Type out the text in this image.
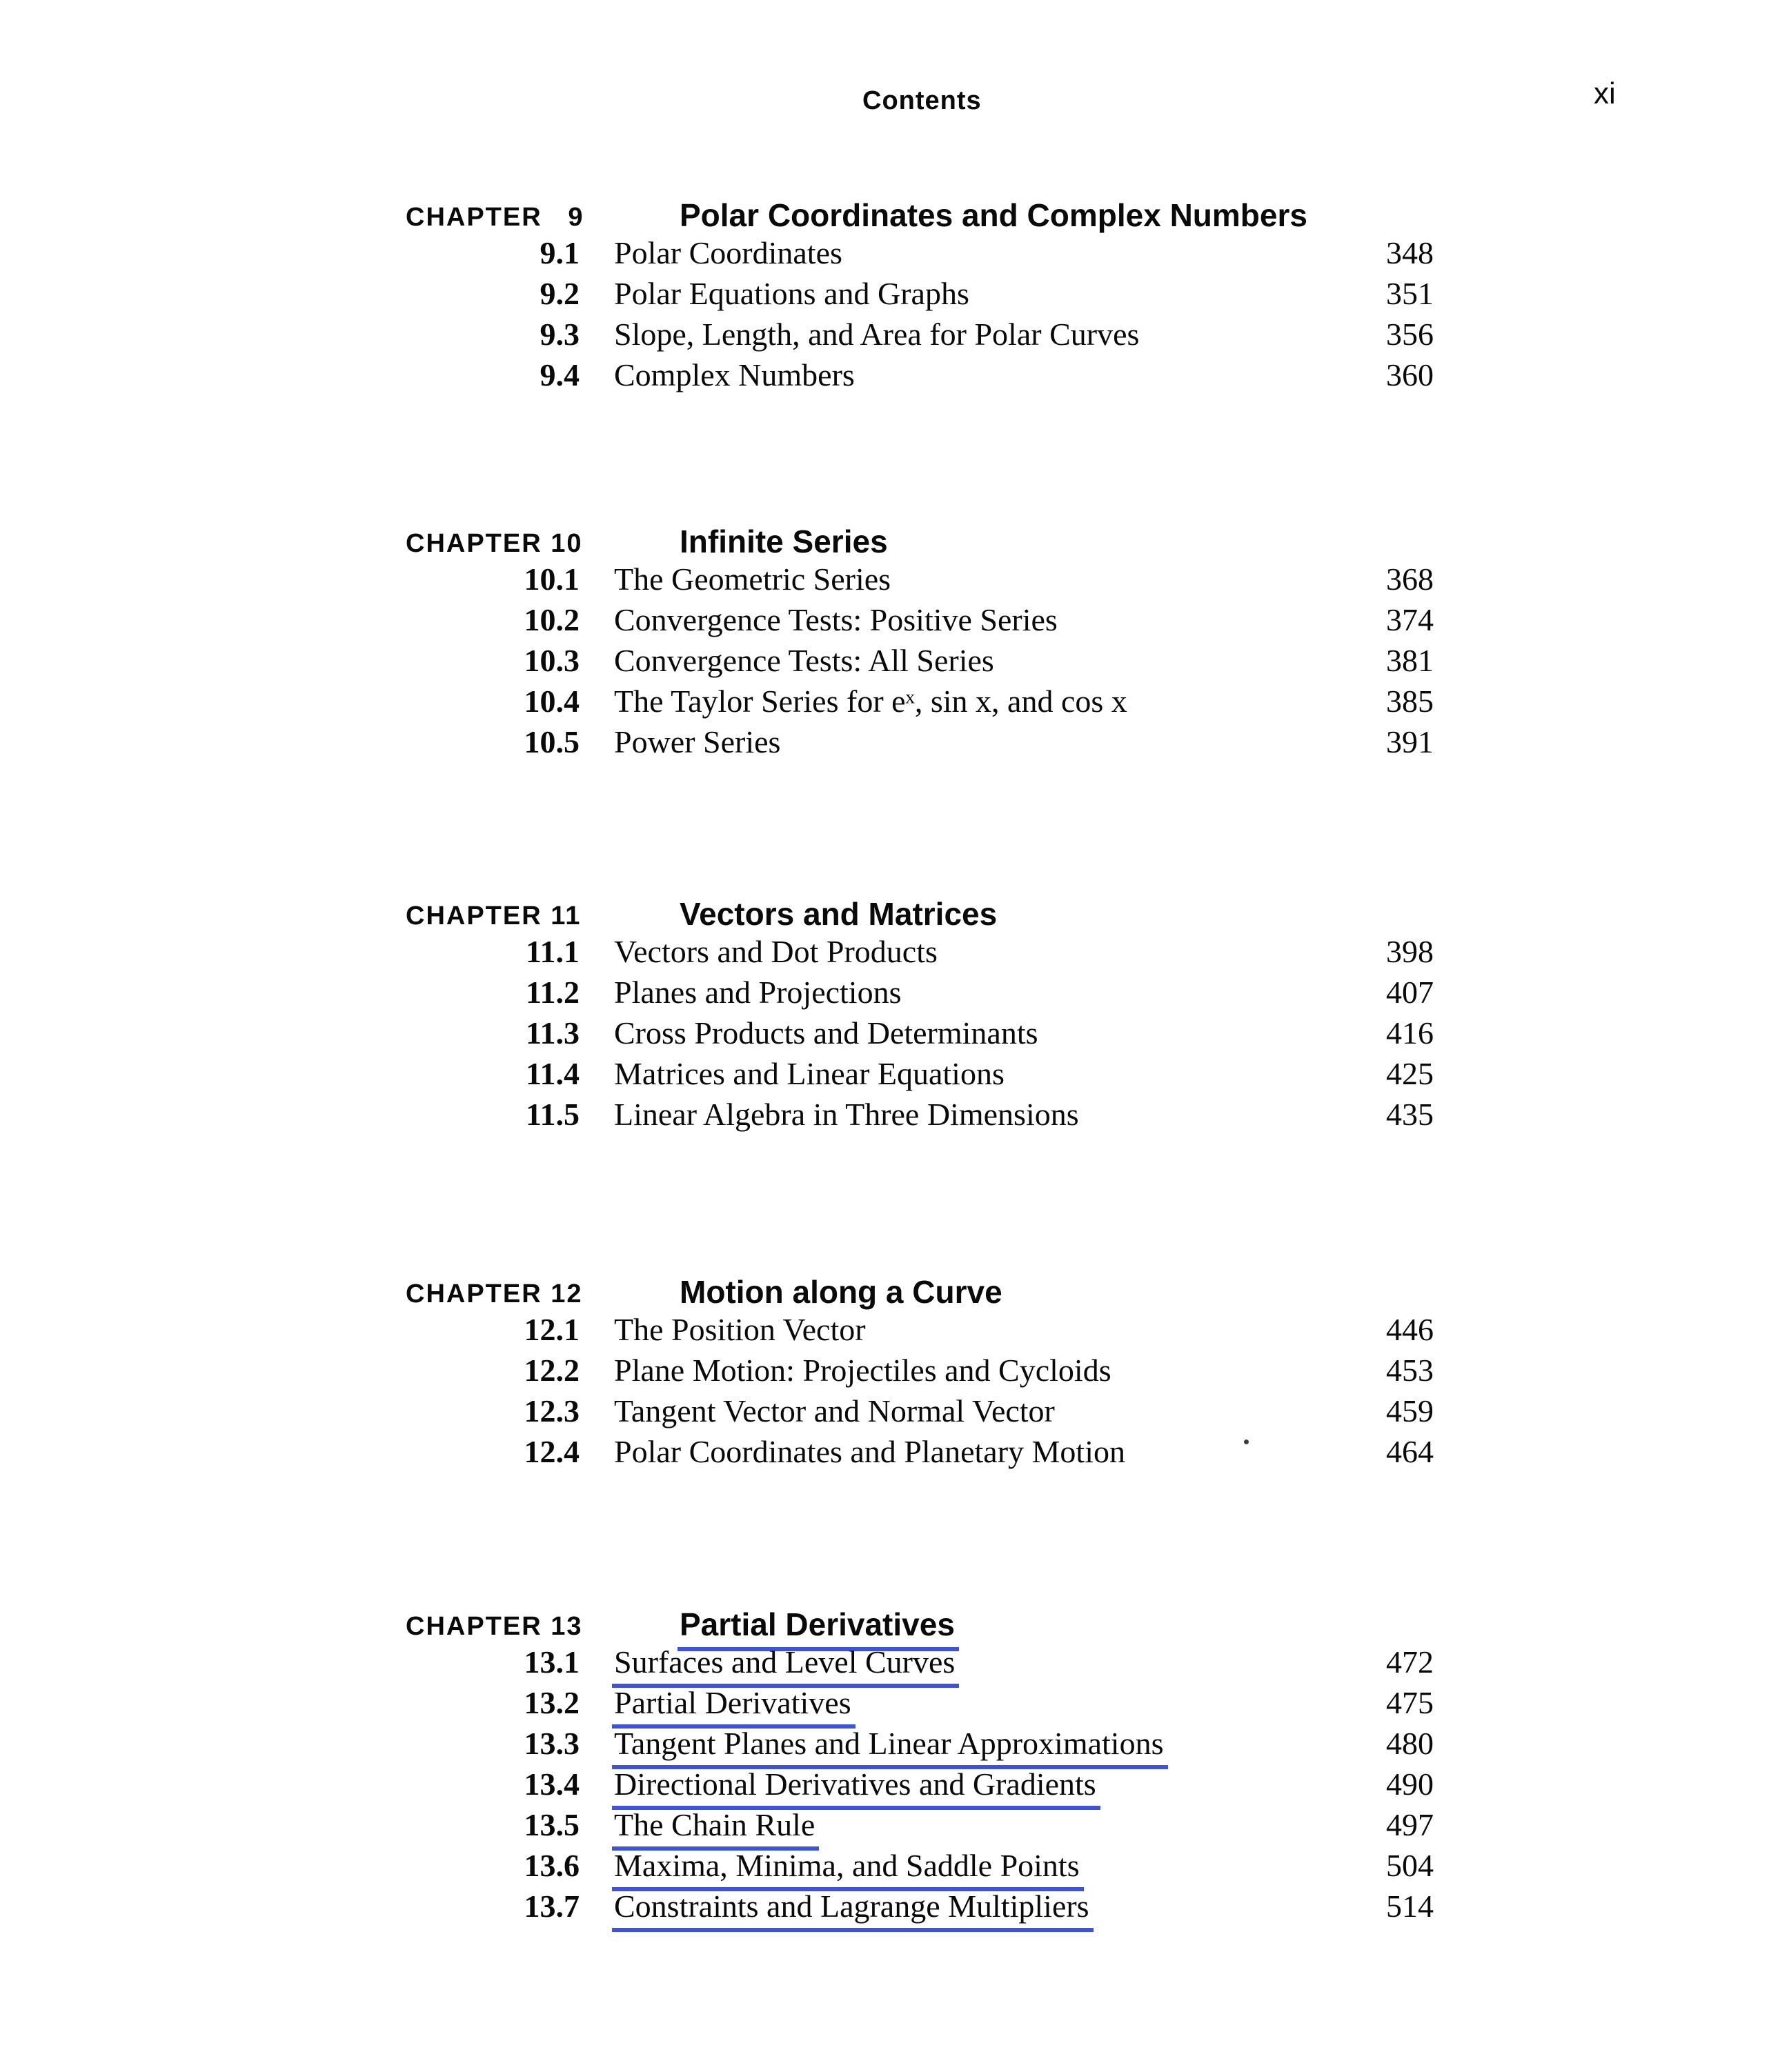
Contents	xi
CHAPTER   9	Polar Coordinates and Complex Numbers
9.1 Polar Coordinates	348
9.2 Polar Equations and Graphs	351
9.3 Slope, Length, and Area for Polar Curves	356
9.4 Complex Numbers	360
CHAPTER 10	Infinite Series
10.1 The Geometric Series	368
10.2 Convergence Tests: Positive Series	374
10.3 Convergence Tests: All Series	381
10.4 The Taylor Series for eˣ, sin x, and cos x	385
10.5 Power Series	391
CHAPTER 11	Vectors and Matrices
11.1 Vectors and Dot Products	398
11.2 Planes and Projections	407
11.3 Cross Products and Determinants	416
11.4 Matrices and Linear Equations	425
11.5 Linear Algebra in Three Dimensions	435
CHAPTER 12	Motion along a Curve
12.1 The Position Vector	446
12.2 Plane Motion: Projectiles and Cycloids	453
12.3 Tangent Vector and Normal Vector	459
12.4 Polar Coordinates and Planetary Motion	464
CHAPTER 13	Partial Derivatives
13.1 Surfaces and Level Curves	472
13.2 Partial Derivatives	475
13.3 Tangent Planes and Linear Approximations	480
13.4 Directional Derivatives and Gradients	490
13.5 The Chain Rule	497
13.6 Maxima, Minima, and Saddle Points	504
13.7 Constraints and Lagrange Multipliers	514
